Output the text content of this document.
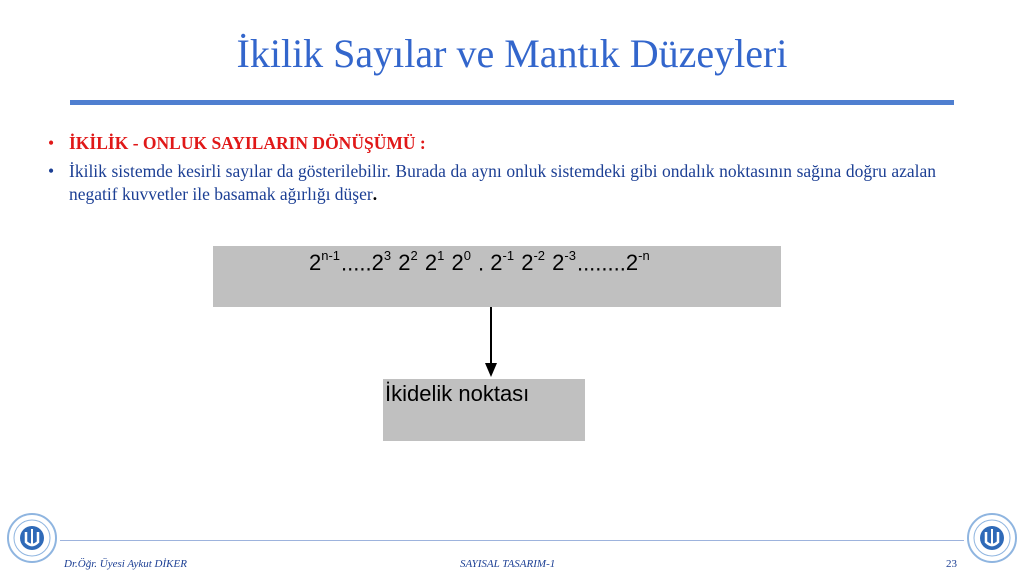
İkilik Sayılar ve Mantık Düzeyleri
• İKİLİK - ONLUK SAYILARIN DÖNÜŞÜMÜ :
• İkilik sistemde kesirli sayılar da gösterilebilir. Burada da aynı onluk sistemdeki gibi ondalık noktasının sağına doğru azalan negatif kuvvetler ile basamak ağırlığı düşer.
2$^{n-1}$.....2$^3$ $2^2$ $2^1$ $2^0$ . $2^{-1}$ $2^{-2}$ $2^{-3}........2^{-n}$
İkidelik noktası
Dr.Öğr. Üyesi Aykut DİKER	SAYISAL TASARIM-1	23
